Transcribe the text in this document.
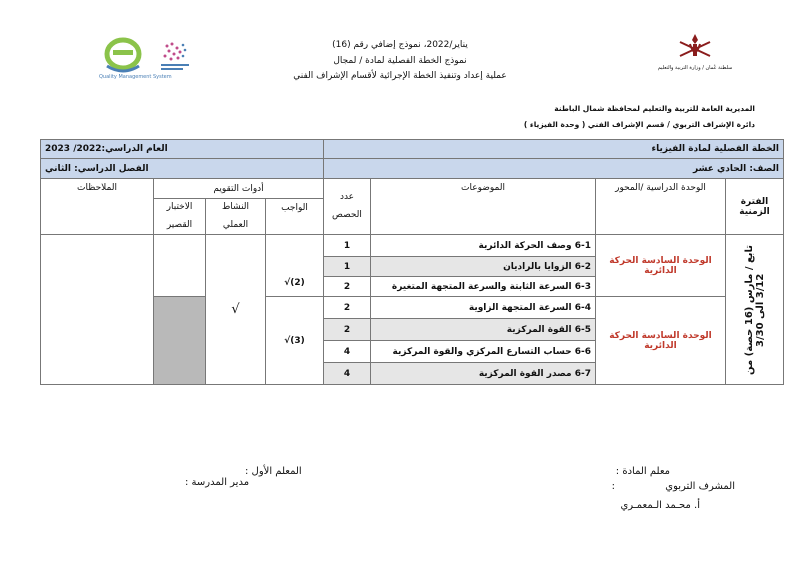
يناير/2022، نموذج إضافي رقم (16)
نموذج الخطة الفصلية لمادة / لمجال
عملية إعداد وتنفيذ الخطة الإجرائية لأقسام الإشراف الفني
Quality Management System
سلطنة عُمان / وزارة التربية والتعليم
المديرية العامة للتربية والتعليم لمحافظة شمال الباطنة
دائرة الإشراف التربوي / قسم الإشراف الفني ( وحدة الفيزياء )
الخطة الفصلية لمادة الفيزياء				العام الدراسي:2022/ 2023			
الصف: الحادي عشر				الفصل الدراسي: الثاني			
الفترة الزمنية	الوحدة الدراسية /المحور	الموضوعات	عدد الحصص	أدوات التقويم			الملاحظات
				الواجب	النشاط العملي	الاختبار القصير	

تابع / مارس (16 حصة) من 3/12 الى 3/30	الوحدة السادسة الحركة الدائرية	6-1 وصف الحركة الدائرية	1	(2)√	√		
		6-2 الزوايا بالراديان	1				
		6-3 السرعة الثابتة والسرعة المتجهة المتغيرة	2				
	الوحدة السادسة الحركة الدائرية	6-4 السرعة المتجهة الزاوية	2	(3)√			
		6-5 القوة المركزية	2				
		6-6 حساب التسارع المركزي والقوة المركزية	4				
		6-7 مصدر القوة المركزية	4				
معلم المادة :
المشرف التربوي
:
أ. محـمد الـمعمـري
المعلم الأول :
مدير المدرسة :
